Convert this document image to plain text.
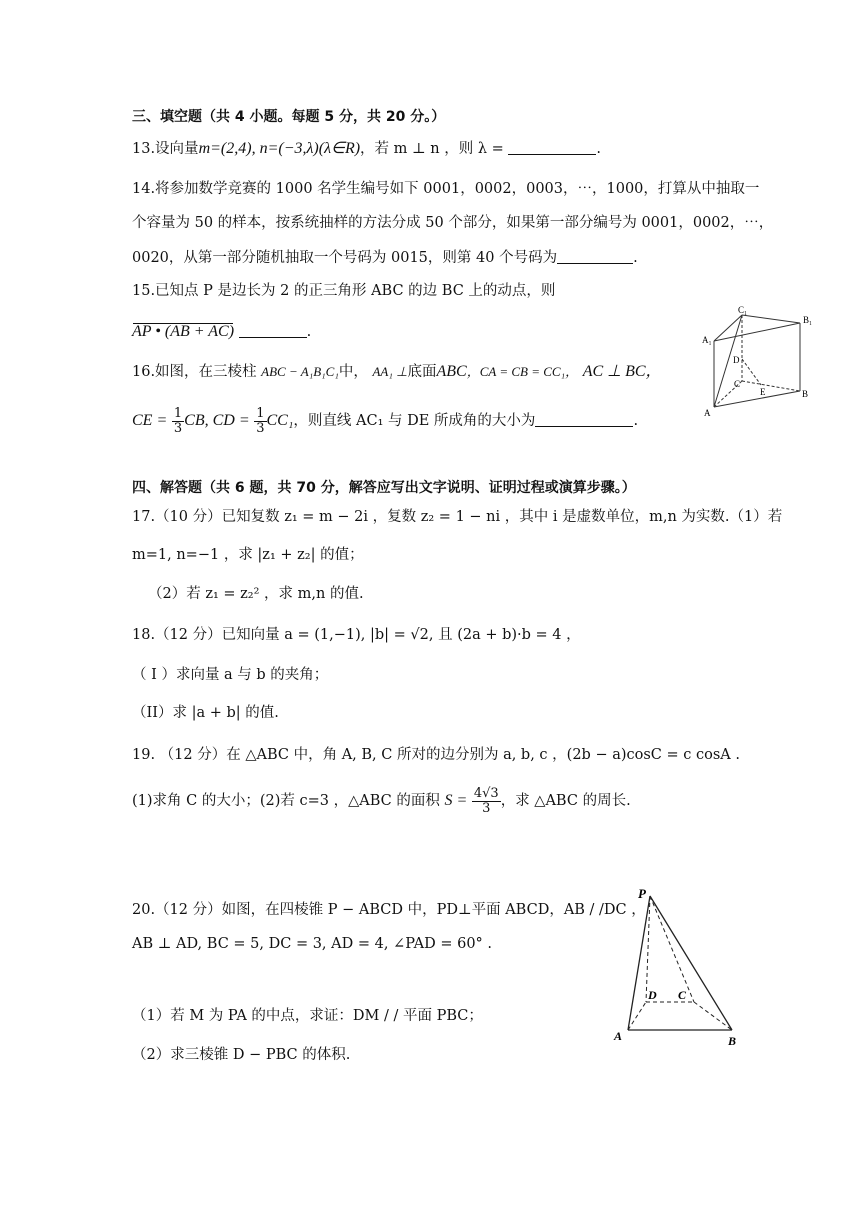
三、填空题（共 4 小题。每题 5 分，共 20 分。）
13.设向量m=(2,4), n=(−3,λ)(λ∈R)，若 m ⊥ n ，则 λ =	.
14.将参加数学竞赛的 1000 名学生编号如下 0001，0002，0003，⋯，1000，打算从中抽取一
个容量为 50 的样本，按系统抽样的方法分成 50 个部分，如果第一部分编号为 0001，0002，⋯，
0020，从第一部分随机抽取一个号码为 0015，则第 40 个号码为	.
15.已知点 P 是边长为 2 的正三角形 ABC 的边 BC 上的动点，则
AP • (AB + AC)	.
16.如图，在三棱柱 ABC − A₁B₁C₁中， AA₁ ⊥底面ABC，CA = CB = CC₁， AC ⊥ BC，
CE = $\frac{1}{3}$ CB, CD = $\frac{1}{3} CC_1$，则直线 AC₁ 与 DE 所成角的大小为	.
A₁
C₁
B₁
D
C
E
A
B
四、解答题（共 6 题，共 70 分，解答应写出文字说明、证明过程或演算步骤。）
17.（10 分）已知复数 z₁ = m − 2i ，复数 z₂ = 1 − ni ，其中 i 是虚数单位，m,n 为实数.（1）若
m=1, n=−1 ，求 |z₁ + z₂| 的值；
（2）若 z₁ = z₂² ，求 m,n 的值.
18.（12 分）已知向量 a = (1,−1), |b| = √2, 且 (2a + b)·b = 4 ，
（ I ）求向量 a 与 b 的夹角；
（II）求 |a + b| 的值.
19. （12 分）在 △ABC 中，角 A, B, C 所对的边分别为 a, b, c ，(2b − a)cosC = c cosA .
(1)求角 C 的大小；(2)若 c=3 ，△ABC 的面积 $S = \frac{4√3}{3}$ ，求 △ABC 的周长.
20.（12 分）如图，在四棱锥 P − ABCD 中，PD⊥平面 ABCD，AB / /DC ，
AB ⊥ AD, BC = 5, DC = 3, AD = 4, ∠PAD = 60° .
（1）若 M 为 PA 的中点，求证：DM / / 平面 PBC；
（2）求三棱锥 D − PBC 的体积.
P
D C
A	B
